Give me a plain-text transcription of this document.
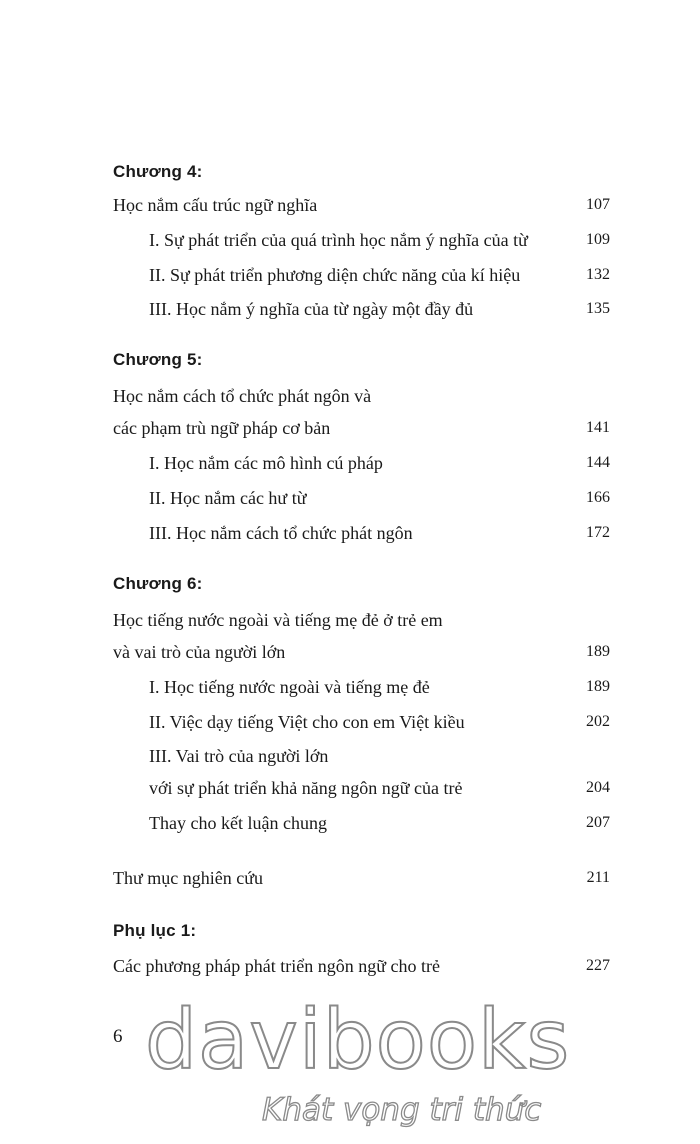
Chương 4:
Học nắm cấu trúc ngữ nghĩa	107
I. Sự phát triển của quá trình học nắm ý nghĩa của từ	109
II. Sự phát triển phương diện chức năng của kí hiệu	132
III. Học nắm ý nghĩa của từ ngày một đầy đủ	135
Chương 5:
Học nắm cách tổ chức phát ngôn và
các phạm trù ngữ pháp cơ bản	141
I. Học nắm các mô hình cú pháp	144
II. Học nắm các hư từ	166
III. Học nắm cách tổ chức phát ngôn	172
Chương 6:
Học tiếng nước ngoài và tiếng mẹ đẻ ở trẻ em
và vai trò của người lớn	189
I. Học tiếng nước ngoài và tiếng mẹ đẻ	189
II. Việc dạy tiếng Việt cho con em Việt kiều	202
III. Vai trò của người lớn
với sự phát triển khả năng ngôn ngữ của trẻ	204
Thay cho kết luận chung	207
Thư mục nghiên cứu	211
Phụ lục 1:
Các phương pháp phát triển ngôn ngữ cho trẻ	227
6 davibooks
Khát vọng tri thức
